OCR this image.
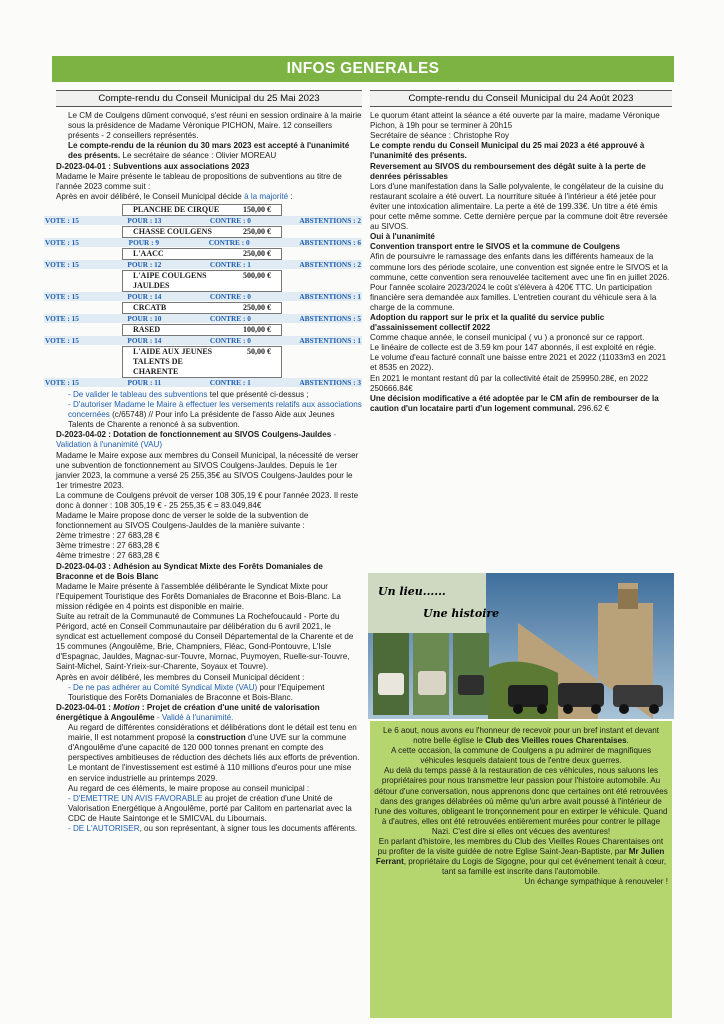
INFOS GENERALES
Compte-rendu du Conseil Municipal du 25 Mai 2023

Le CM de Coulgens dûment convoqué, s'est réuni en session ordinaire à la mairie sous la présidence de Madame Véronique PICHON, Maire. 12 conseillers présents - 2 conseillers représentés.

Le compte-rendu de la réunion du 30 mars 2023 est accepté à l'unanimité des présents. Le secrétaire de séance : Olivier MOREAU

D-2023-04-01 : Subventions aux associations 2023

Madame le Maire présente le tableau de propositions de subventions au titre de l'année 2023 comme suit :

Après en avoir délibéré, le Conseil Municipal décide à la majorité :

PLANCHE DE CIRQUE	150,00 €
VOTE : 15	POUR : 13	CONTRE : 0	ABSTENTIONS : 2
CHASSE COULGENS	250,00 €
VOTE : 15	POUR : 9	CONTRE : 0	ABSTENTIONS : 6
L'AACC	250,00 €
VOTE : 15	POUR : 12	CONTRE : 1	ABSTENTIONS : 2
L'AIPE COULGENS JAULDES
500,00 €
VOTE : 15	POUR : 14	CONTRE : 0	ABSTENTIONS : 1
CRCATB	250,00 €
VOTE : 15	POUR : 10	CONTRE : 0	ABSTENTIONS : 5
RASED	100,00 €
VOTE : 15	POUR : 14	CONTRE : 0	ABSTENTIONS : 1
L'AIDE AUX JEUNES TALENTS DE CHARENTE
50,00 €
VOTE : 15	POUR : 11	CONTRE : 1	ABSTENTIONS : 3

- De valider le tableau des subventions tel que présenté ci-dessus ;

- D'autoriser Madame le Maire à effectuer les versements relatifs aux associations concernées (c/65748) // Pour info La présidente de l'asso Aide aux Jeunes Talents de Charente a renoncé à sa subvention.

D-2023-04-02 : Dotation de fonctionnement au SIVOS Coulgens-Jauldes -Validation à l'unanimité (VAU)

Madame le Maire expose aux membres du Conseil Municipal, la nécessité de verser une subvention de fonctionnement au SIVOS Coulgens-Jauldes. Depuis le 1er janvier 2023, la commune a versé 25 255,35€ au SIVOS Coulgens-Jauldes pour le 1er trimestre 2023.

La commune de Coulgens prévoit de verser 108 305,19 € pour l'année 2023. Il reste donc à donner : 108 305,19 € - 25 255,35 € = 83.049,84€

Madame le Maire propose donc de verser le solde de la subvention de fonctionnement au SIVOS Coulgens-Jauldes de la manière suivante :

2ème trimestre : 27 683,28 €

3ème trimestre : 27 683,28 €

4ème trimestre : 27 683,28 €

D-2023-04-03 : Adhésion au Syndicat Mixte des Forêts Domaniales de Braconne et de Bois Blanc

Madame le Maire présente à l'assemblée délibérante le Syndicat Mixte pour l'Equipement Touristique des Forêts Domaniales de Braconne et Bois-Blanc. La mission rédigée en 4 points est disponible en mairie.

Suite au retrait de la Communauté de Communes La Rochefoucauld - Porte du Périgord, acté en Conseil Communautaire par délibération du 6 avril 2021, le syndicat est actuellement composé du Conseil Départemental de la Charente et de 15 communes (Angoulême, Brie, Champniers, Fléac, Gond-Pontouvre, L'Isle d'Espagnac, Jauldes, Magnac-sur-Touvre, Mornac, Puymoyen, Ruelle-sur-Touvre, Saint-Michel, Saint-Yrieix-sur-Charente, Soyaux et Touvre).

Après en avoir délibéré, les membres du Conseil Municipal décident :

- De ne pas adhérer au Comité Syndical Mixte (VAU) pour l'Equipement Touristique des Forêts Domaniales de Braconne et Bois-Blanc.

D-2023-04-01 : Motion : Projet de création d'une unité de valorisation énergétique à Angoulême - Validé à l'unanimité.

Au regard de différentes considérations et délibérations dont le détail est tenu en mairie, Il est notamment proposé la construction d'une UVE sur la commune d'Angoulême d'une capacité de 120 000 tonnes prenant en compte des perspectives ambitieuses de réduction des déchets liés aux efforts de prévention.

Le montant de l'investissement est estimé à 110 millions d'euros pour une mise en service industrielle au printemps 2029.

Au regard de ces éléments, le maire propose au conseil municipal :

- D'EMETTRE UN AVIS FAVORABLE au projet de création d'une Unité de Valorisation Energétique à Angoulême, porté par Calitom en partenariat avec la CDC de Haute Saintonge et le SMICVAL du Libournais.

- DE L'AUTORISER, ou son représentant, à signer tous les documents afférents.

Compte-rendu du Conseil Municipal du 24 Août 2023

Le quorum étant atteint la séance a été ouverte par la maire, madame Véronique Pichon, à 19h pour se terminer à 20h15

Secrétaire de séance : Christophe Roy

Le compte rendu du Conseil Municipal du 25 mai 2023 a été approuvé à l'unanimité des présents.

Reversement au SIVOS du remboursement des dégât suite à la perte de denrées périssables

Lors d'une manifestation dans la Salle polyvalente, le congélateur de la cuisine du restaurant scolaire a été ouvert. La nourriture située à l'intérieur a été jetée pour éviter une intoxication alimentaire. La perte a été de 199.33€. Un titre a été émis pour cette même somme. Cette dernière perçue par la commune doit être reversée au SIVOS.

Oui à l'unanimité

Convention transport entre le SIVOS et la commune de Coulgens

Afin de poursuivre le ramassage des enfants dans les différents hameaux de la commune lors des période scolaire, une convention est signée entre le SIVOS et la commune, cette convention sera renouvelée tacitement avec une fin en juillet 2026. Pour l'année scolaire 2023/2024 le coût s'élèvera à 420€ TTC. Un participation financière sera demandée aux familles. L'entretien courant du véhicule sera à la charge de la commune.

Adoption du rapport sur le prix et la qualité du service public d'assainissement collectif 2022

Comme chaque année, le conseil municipal ( vu ) a prononcé sur ce rapport.

Le linéaire de collecte est de 3.59 km pour 147 abonnés, il est exploité en régie.

Le volume d'eau facturé connaît une baisse entre 2021 et 2022 (11033m3 en 2021 et 8535 en 2022).

En 2021 le montant restant dû par la collectivité était de 259950.28€, en 2022 250666.84€

Une décision modificative a été adoptée par le CM afin de rembourser de la caution d'un locataire parti d'un logement communal. 296.62 €

Un lieu......
Une histoire

Le 6 aout, nous avons eu l'honneur de recevoir pour un bref instant et devant notre belle église le Club des Vieilles roues Charentaises.

A cette occasion, la commune de Coulgens a pu admirer de magnifiques véhicules lesquels dataient tous de l'entre deux guerres.

Au delà du temps passé à la restauration de ces véhicules, nous saluons les propriétaires pour nous transmettre leur passion pour l'histoire automobile. Au détour d'une conversation, nous apprenons donc que certaines ont été retrouvées dans des granges délabrées où même qu'un arbre avait poussé à l'intérieur de l'une des voitures, obligeant le tronçonnement pour en extirper le véhicule. Quand à d'autres, elles ont été retrouvées entièrement murées pour contrer le pillage Nazi. C'est dire si elles ont vécues des aventures!

En parlant d'histoire, les membres du Club des Vieilles Roues Charentaises ont pu profiter de la visite guidée de notre Eglise Saint-Jean-Baptiste, par Mr Julien Ferrant, propriétaire du Logis de Sigogne, pour qui cet événement tenait à cœur, tant sa famille est inscrite dans l'automobile.

Un échange sympathique à renouveler !
